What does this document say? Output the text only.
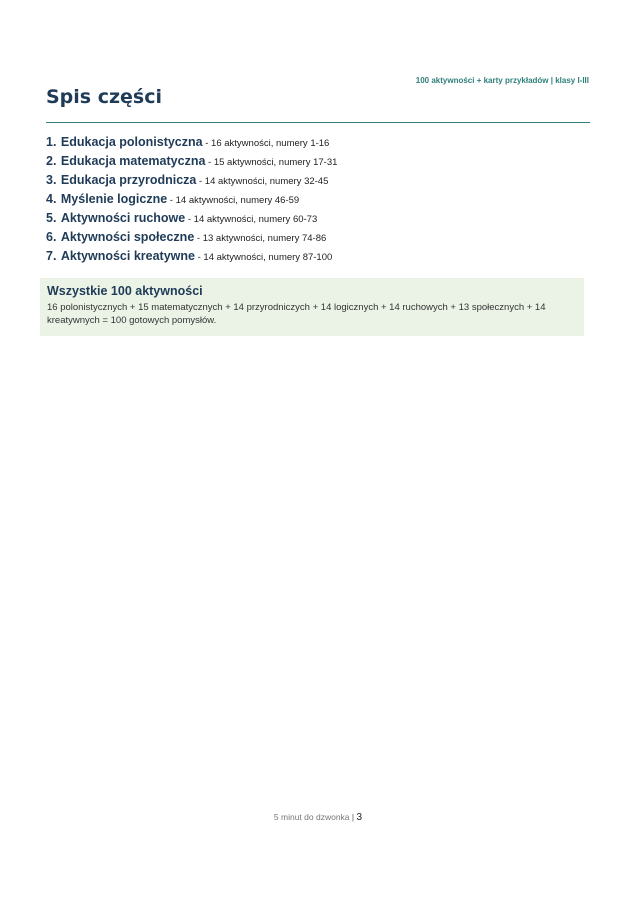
100 aktywności + karty przykładów | klasy I-III
Spis części
1. Edukacja polonistyczna - 16 aktywności, numery 1-16
2. Edukacja matematyczna - 15 aktywności, numery 17-31
3. Edukacja przyrodnicza - 14 aktywności, numery 32-45
4. Myślenie logiczne - 14 aktywności, numery 46-59
5. Aktywności ruchowe - 14 aktywności, numery 60-73
6. Aktywności społeczne - 13 aktywności, numery 74-86
7. Aktywności kreatywne - 14 aktywności, numery 87-100
Wszystkie 100 aktywności

16 polonistycznych + 15 matematycznych + 14 przyrodniczych + 14 logicznych + 14 ruchowych + 13 społecznych + 14 kreatywnych = 100 gotowych pomysłów.

5 minut do dzwonka | 3
